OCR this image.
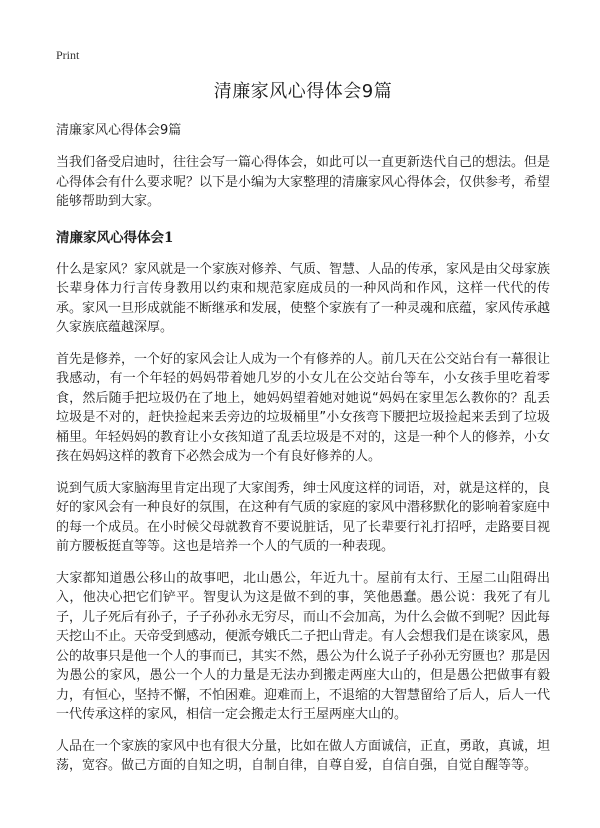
Print

清廉家风心得体会9篇

清廉家风心得体会9篇

当我们备受启迪时，往往会写一篇心得体会，如此可以一直更新迭代自己的想法。但是心得体会有什么要求呢？以下是小编为大家整理的清廉家风心得体会，仅供参考，希望能够帮助到大家。

清廉家风心得体会1

什么是家风？家风就是一个家族对修养、气质、智慧、人品的传承，家风是由父母家族长辈身体力行言传身教用以约束和规范家庭成员的一种风尚和作风，这样一代代的传承。家风一旦形成就能不断继承和发展，使整个家族有了一种灵魂和底蕴，家风传承越久家族底蕴越深厚。

首先是修养，一个好的家风会让人成为一个有修养的人。前几天在公交站台有一幕很让我感动，有一个年轻的妈妈带着她几岁的小女儿在公交站台等车，小女孩手里吃着零食，然后随手把垃圾仍在了地上，她妈妈望着她对她说“妈妈在家里怎么教你的？乱丢垃圾是不对的，赶快捡起来丢旁边的垃圾桶里”小女孩弯下腰把垃圾捡起来丢到了垃圾桶里。年轻妈妈的教育让小女孩知道了乱丢垃圾是不对的，这是一种个人的修养，小女孩在妈妈这样的教育下必然会成为一个有良好修养的人。

说到气质大家脑海里肯定出现了大家闺秀，绅士风度这样的词语，对，就是这样的，良好的家风会有一种良好的氛围，在这种有气质的家庭的家风中潜移默化的影响着家庭中的每一个成员。在小时候父母就教育不要说脏话，见了长辈要行礼打招呼，走路要目视前方腰板挺直等等。这也是培养一个人的气质的一种表现。

大家都知道愚公移山的故事吧，北山愚公，年近九十。屋前有太行、王屋二山阻碍出入，他决心把它们铲平。智叟认为这是做不到的事，笑他愚蠢。愚公说：我死了有儿子，儿子死后有孙子，子子孙孙永无穷尽，而山不会加高，为什么会做不到呢？因此每天挖山不止。天帝受到感动，便派夸娥氏二子把山背走。有人会想我们是在谈家风，愚公的故事只是他一个人的事而已，其实不然，愚公为什么说子子孙孙无穷匮也？那是因为愚公的家风，愚公一个人的力量是无法办到搬走两座大山的，但是愚公把做事有毅力，有恒心，坚持不懈，不怕困难。迎难而上，不退缩的大智慧留给了后人，后人一代一代传承这样的家风，相信一定会搬走太行王屋两座大山的。

人品在一个家族的家风中也有很大分量，比如在做人方面诚信，正直，勇敢，真诚，坦荡，宽容。做己方面的自知之明，自制自律，自尊自爱，自信自强，自觉自醒等等。
